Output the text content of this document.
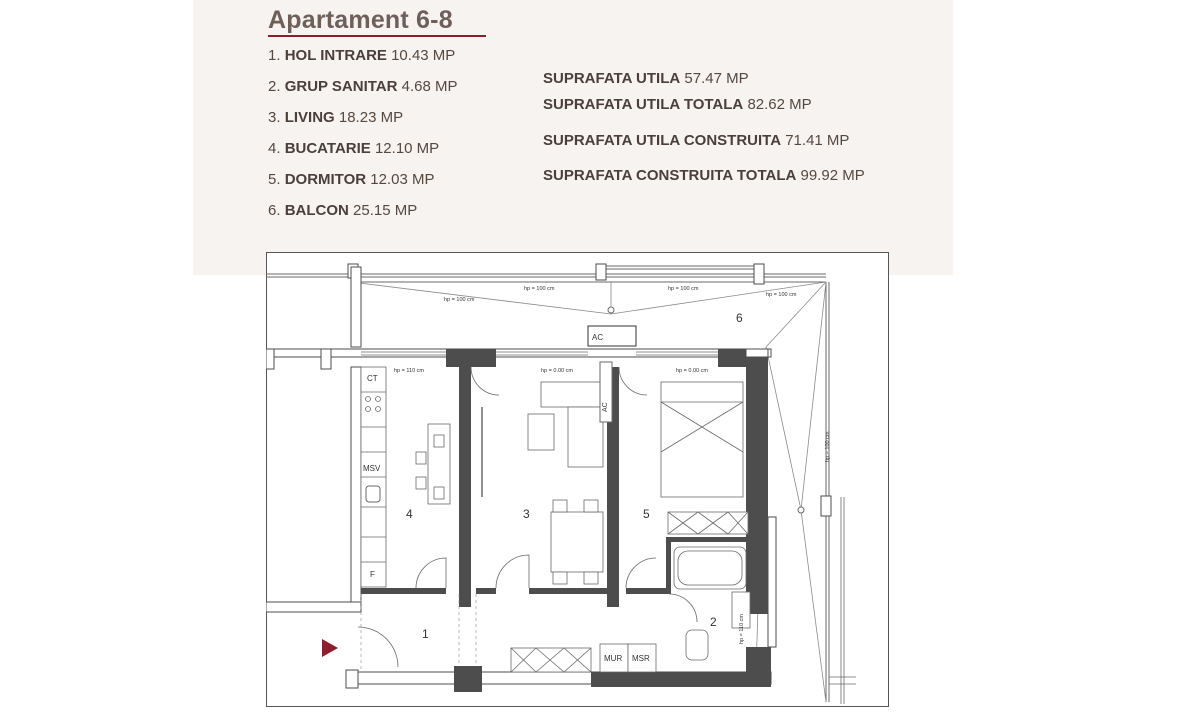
Apartament 6-8
1. HOL INTRARE 10.43 MP
2. GRUP SANITAR 4.68 MP
3. LIVING 18.23 MP
4. BUCATARIE 12.10 MP
5. DORMITOR 12.03 MP
6. BALCON 25.15 MP
SUPRAFATA UTILA 57.47 MP
SUPRAFATA UTILA TOTALA 82.62 MP
SUPRAFATA UTILA CONSTRUITA 71.41 MP
SUPRAFATA CONSTRUITA TOTALA 99.92 MP
AC
CT
MSV
F
AC
MUR MSR
1
2
3
4	5
6
hp = 100 cm
hp = 100 cm	hp = 100 cm
hp = 100 cm
hp = 110 cm	hp = 0.00 cm	hp = 0.00 cm
hp = 100 cm
hp = 110 cm
